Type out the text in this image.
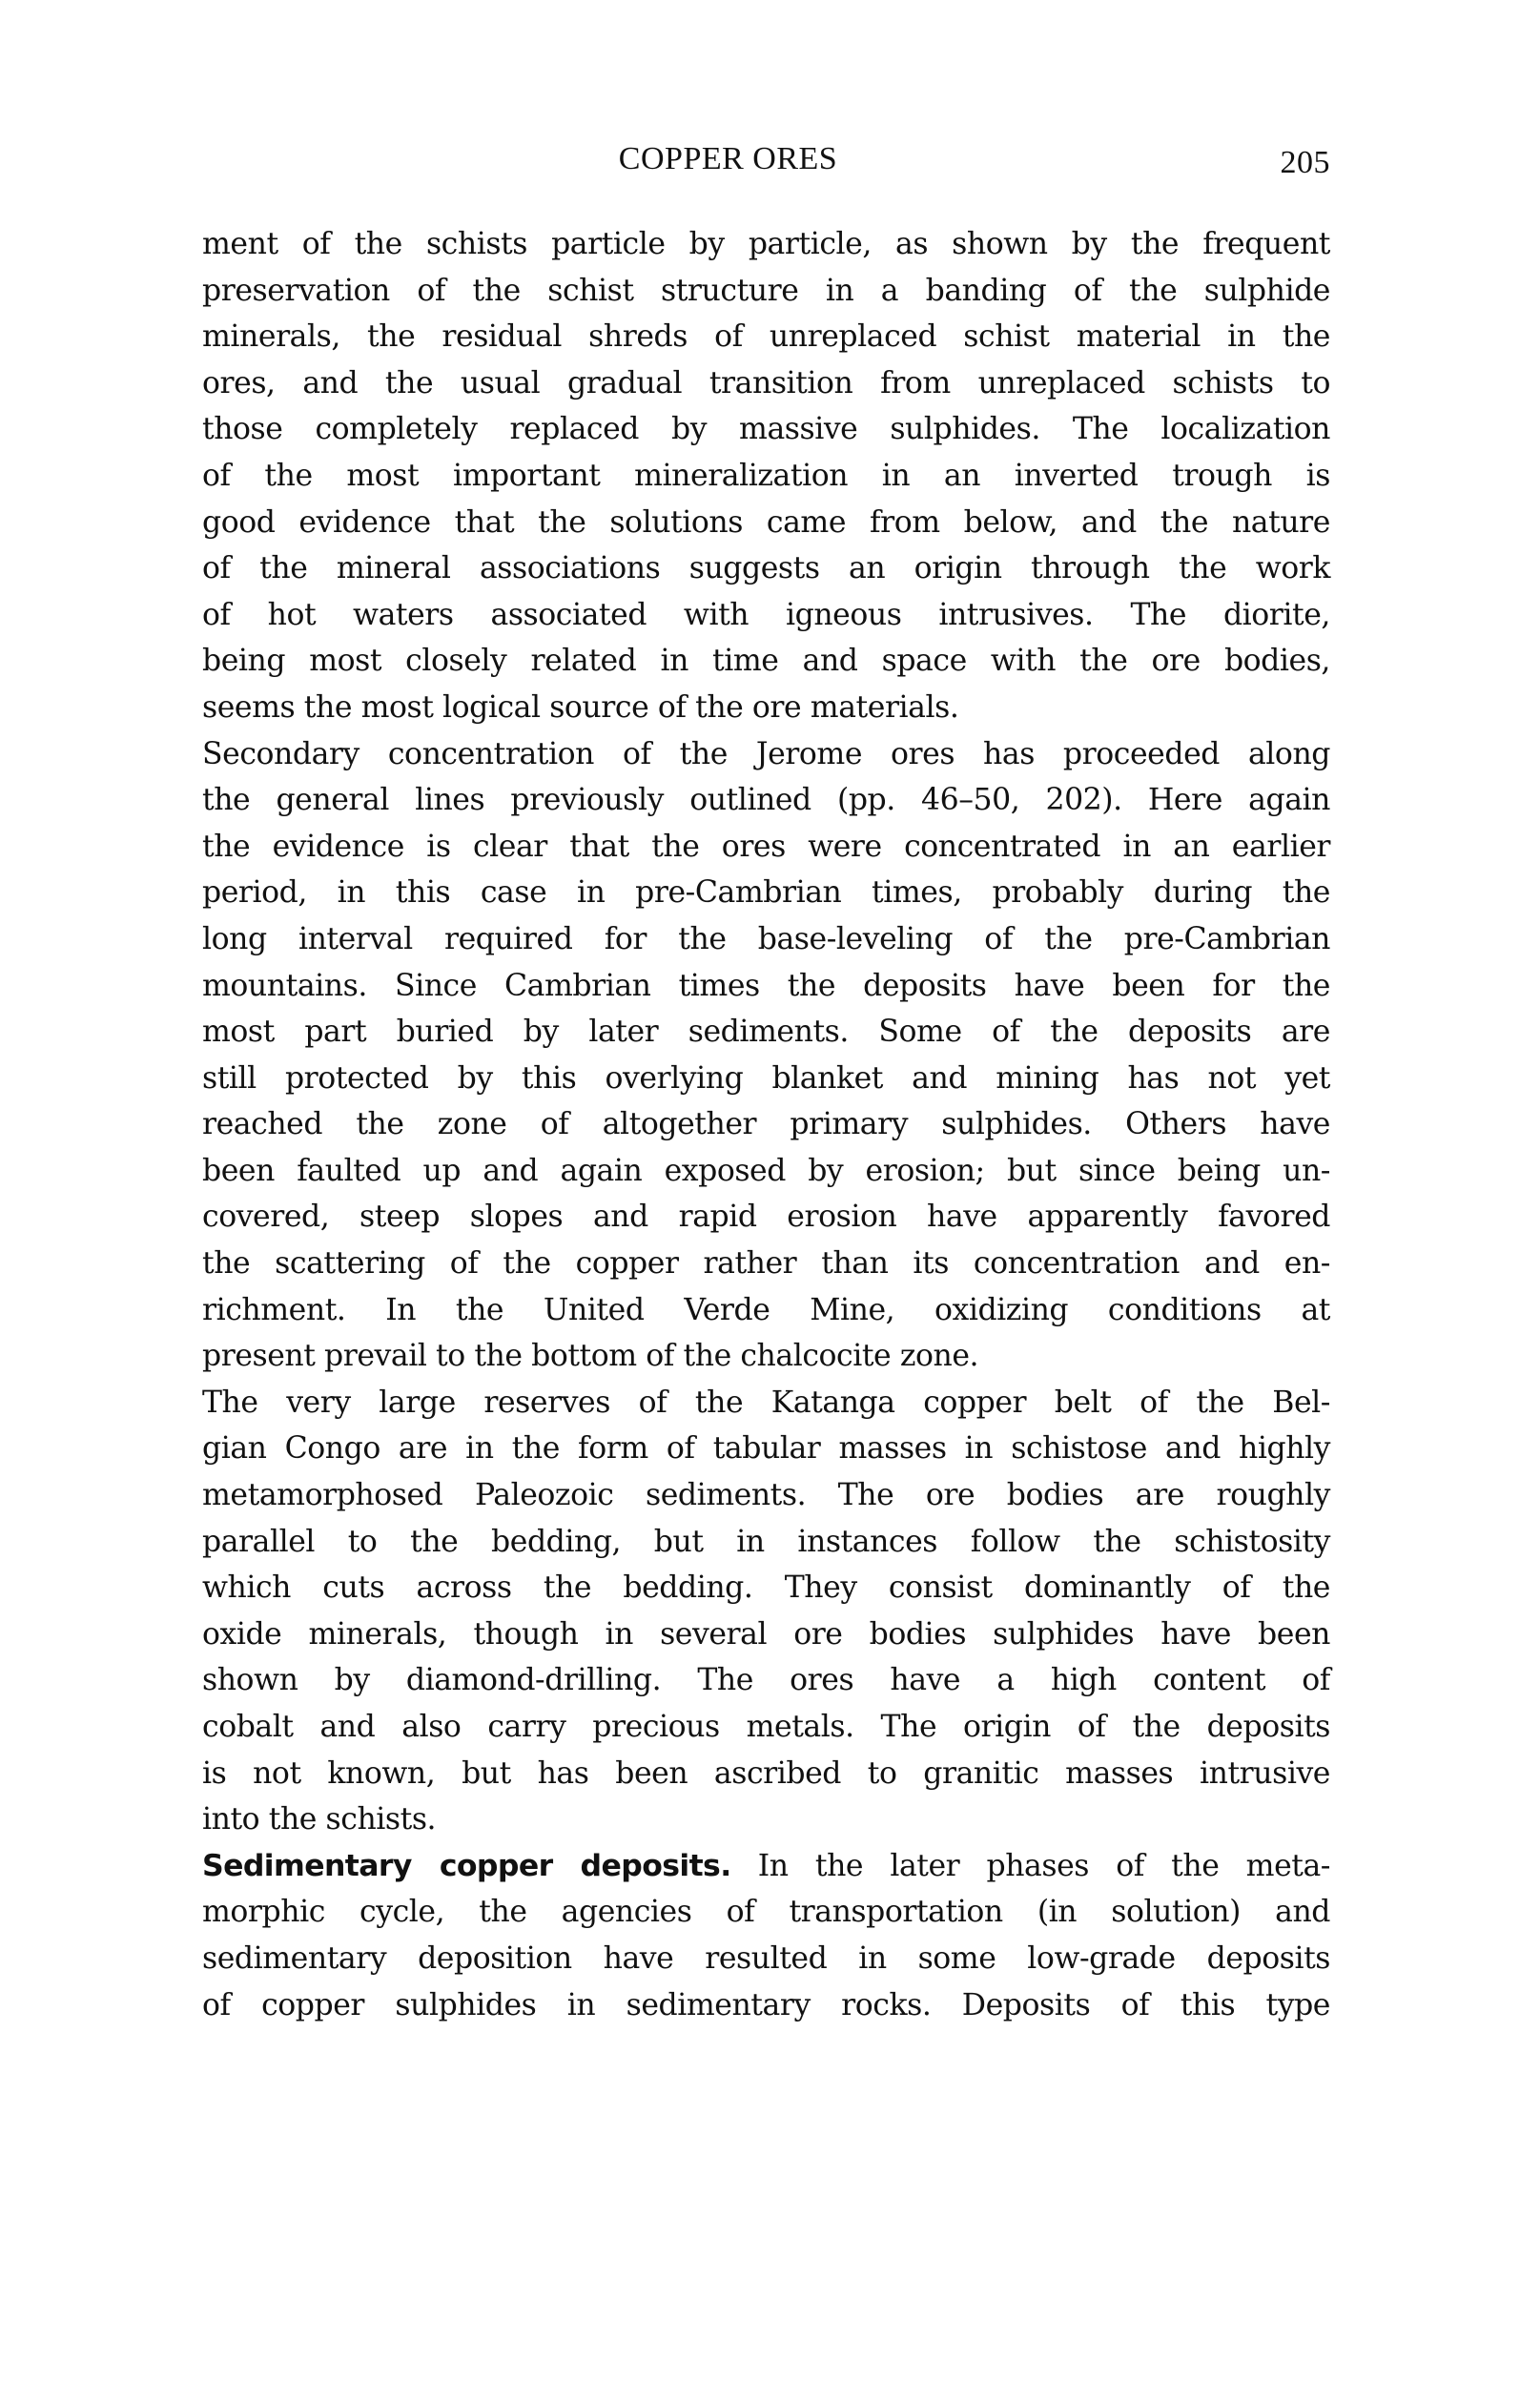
COPPER ORES	205

ment of the schists particle by particle, as shown by the frequent
preservation of the schist structure in a banding of the sulphide
minerals, the residual shreds of unreplaced schist material in the
ores, and the usual gradual transition from unreplaced schists to
those completely replaced by massive sulphides. The localization
of the most important mineralization in an inverted trough is
good evidence that the solutions came from below, and the nature
of the mineral associations suggests an origin through the work
of hot waters associated with igneous intrusives. The diorite,
being most closely related in time and space with the ore bodies,
seems the most logical source of the ore materials.

Secondary concentration of the Jerome ores has proceeded along
the general lines previously outlined (pp. 46–50, 202). Here again
the evidence is clear that the ores were concentrated in an earlier
period, in this case in pre-Cambrian times, probably during the
long interval required for the base-leveling of the pre-Cambrian
mountains. Since Cambrian times the deposits have been for the
most part buried by later sediments. Some of the deposits are
still protected by this overlying blanket and mining has not yet
reached the zone of altogether primary sulphides. Others have
been faulted up and again exposed by erosion; but since being un-
covered, steep slopes and rapid erosion have apparently favored
the scattering of the copper rather than its concentration and en-
richment. In the United Verde Mine, oxidizing conditions at
present prevail to the bottom of the chalcocite zone.

The very large reserves of the Katanga copper belt of the Bel-
gian Congo are in the form of tabular masses in schistose and highly
metamorphosed Paleozoic sediments. The ore bodies are roughly
parallel to the bedding, but in instances follow the schistosity
which cuts across the bedding. They consist dominantly of the
oxide minerals, though in several ore bodies sulphides have been
shown by diamond-drilling. The ores have a high content of
cobalt and also carry precious metals. The origin of the deposits
is not known, but has been ascribed to granitic masses intrusive
into the schists.

Sedimentary copper deposits. In the later phases of the meta-
morphic cycle, the agencies of transportation (in solution) and
sedimentary deposition have resulted in some low-grade deposits
of copper sulphides in sedimentary rocks. Deposits of this type
